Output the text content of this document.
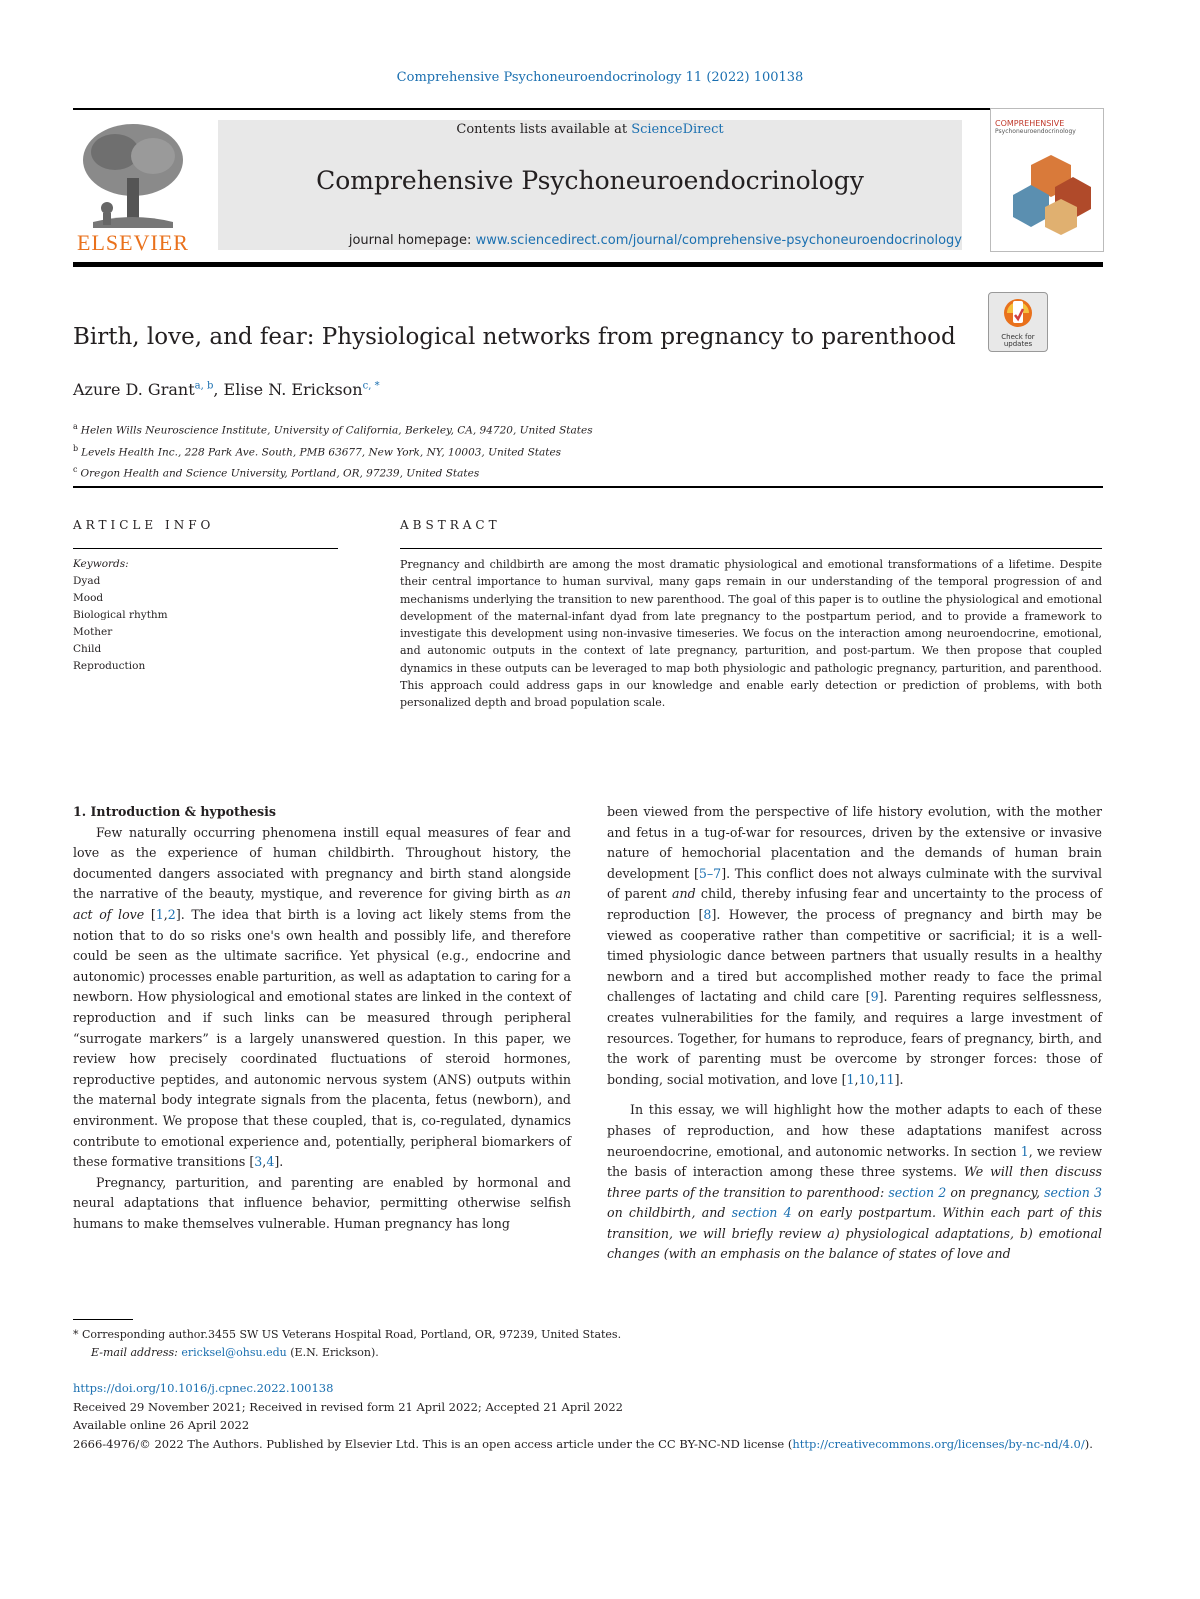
Comprehensive Psychoneuroendocrinology 11 (2022) 100138
ELSEVIER
Contents lists available at ScienceDirect
Comprehensive Psychoneuroendocrinology
journal homepage: www.sciencedirect.com/journal/comprehensive-psychoneuroendocrinology
COMPREHENSIVE
Psychoneuroendocrinology
Check for updates
Birth, love, and fear: Physiological networks from pregnancy to parenthood
Azure D. Grant$^{a, b}$, Elise N. Erickson$^{c, *}$
$^a$ Helen Wills Neuroscience Institute, University of California, Berkeley, CA, 94720, United States
$^b$ Levels Health Inc., 228 Park Ave. South, PMB 63677, New York, NY, 10003, United States
$^c$ Oregon Health and Science University, Portland, OR, 97239, United States
ARTICLE INFO
Keywords:
Dyad
Mood
Biological rhythm
Mother
Child
Reproduction
ABSTRACT
Pregnancy and childbirth are among the most dramatic physiological and emotional transformations of a lifetime. Despite their central importance to human survival, many gaps remain in our understanding of the temporal progression of and mechanisms underlying the transition to new parenthood. The goal of this paper is to outline the physiological and emotional development of the maternal-infant dyad from late pregnancy to the postpartum period, and to provide a framework to investigate this development using non-invasive timeseries. We focus on the interaction among neuroendocrine, emotional, and autonomic outputs in the context of late pregnancy, parturition, and post-partum. We then propose that coupled dynamics in these outputs can be leveraged to map both physiologic and pathologic pregnancy, parturition, and parenthood. This approach could address gaps in our knowledge and enable early detection or prediction of problems, with both personalized depth and broad population scale.

1. Introduction & hypothesis

Few naturally occurring phenomena instill equal measures of fear and love as the experience of human childbirth. Throughout history, the documented dangers associated with pregnancy and birth stand alongside the narrative of the beauty, mystique, and reverence for giving birth as an act of love [1,2]. The idea that birth is a loving act likely stems from the notion that to do so risks one's own health and possibly life, and therefore could be seen as the ultimate sacrifice. Yet physical (e.g., endocrine and autonomic) processes enable parturition, as well as adaptation to caring for a newborn. How physiological and emotional states are linked in the context of reproduction and if such links can be measured through peripheral “surrogate markers” is a largely unanswered question. In this paper, we review how precisely coordinated fluctuations of steroid hormones, reproductive peptides, and autonomic nervous system (ANS) outputs within the maternal body integrate signals from the placenta, fetus (newborn), and environment. We propose that these coupled, that is, co-regulated, dynamics contribute to emotional experience and, potentially, peripheral biomarkers of these formative transitions [3,4].

Pregnancy, parturition, and parenting are enabled by hormonal and neural adaptations that influence behavior, permitting otherwise selfish humans to make themselves vulnerable. Human pregnancy has long

been viewed from the perspective of life history evolution, with the mother and fetus in a tug-of-war for resources, driven by the extensive or invasive nature of hemochorial placentation and the demands of human brain development [5–7]. This conflict does not always culminate with the survival of parent and child, thereby infusing fear and uncertainty to the process of reproduction [8]. However, the process of pregnancy and birth may be viewed as cooperative rather than competitive or sacrificial; it is a well-timed physiologic dance between partners that usually results in a healthy newborn and a tired but accomplished mother ready to face the primal challenges of lactating and child care [9]. Parenting requires selflessness, creates vulnerabilities for the family, and requires a large investment of resources. Together, for humans to reproduce, fears of pregnancy, birth, and the work of parenting must be overcome by stronger forces: those of bonding, social motivation, and love [1,10,11].

In this essay, we will highlight how the mother adapts to each of these phases of reproduction, and how these adaptations manifest across neuroendocrine, emotional, and autonomic networks. In section 1, we review the basis of interaction among these three systems. We will then discuss three parts of the transition to parenthood: section 2 on pregnancy, section 3 on childbirth, and section 4 on early postpartum. Within each part of this transition, we will briefly review a) physiological adaptations, b) emotional changes (with an emphasis on the balance of states of love and

* Corresponding author.3455 SW US Veterans Hospital Road, Portland, OR, 97239, United States.
E-mail address: ericksel@ohsu.edu (E.N. Erickson).
https://doi.org/10.1016/j.cpnec.2022.100138
Received 29 November 2021; Received in revised form 21 April 2022; Accepted 21 April 2022
Available online 26 April 2022
2666-4976/© 2022 The Authors. Published by Elsevier Ltd. This is an open access article under the CC BY-NC-ND license (http://creativecommons.org/licenses/by-nc-nd/4.0/).
